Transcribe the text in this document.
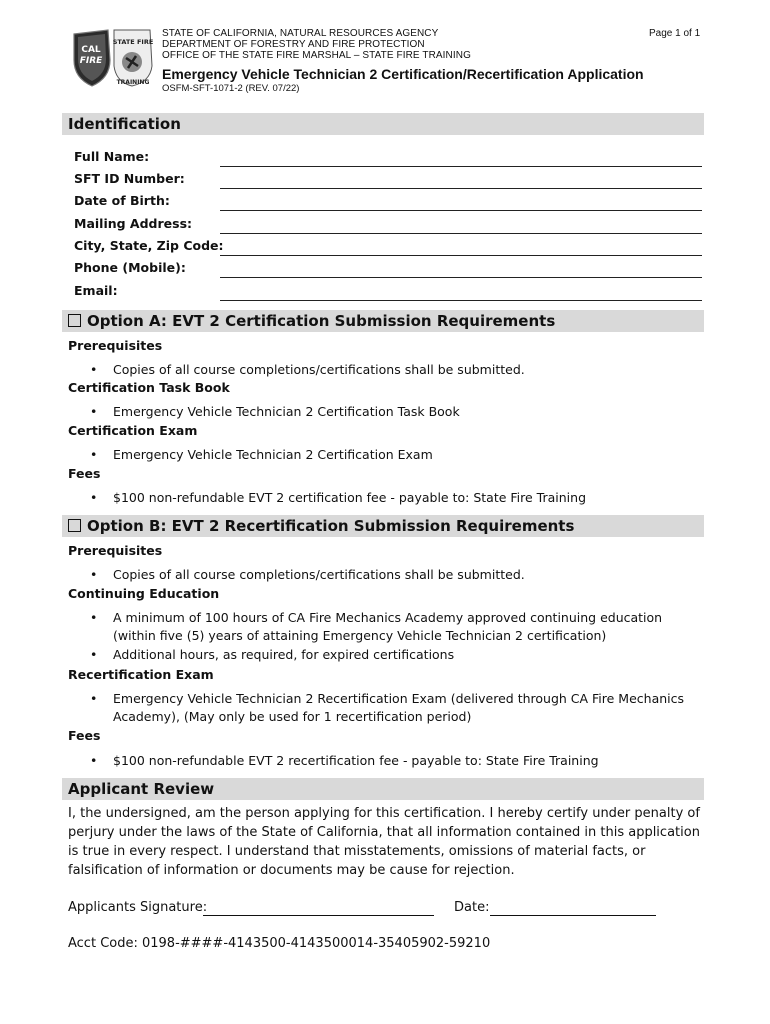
CAL
FIRE
STATE FIRE
TRAINING
STATE OF CALIFORNIA, NATURAL RESOURCES AGENCY
DEPARTMENT OF FORESTRY AND FIRE PROTECTION
OFFICE OF THE STATE FIRE MARSHAL – STATE FIRE TRAINING
Emergency Vehicle Technician 2 Certification/Recertification Application
OSFM-SFT-1071-2 (REV. 07/22)
Page 1 of 1
Identification
Full Name:
SFT ID Number:
Date of Birth:
Mailing Address:
City, State, Zip Code:
Phone (Mobile):
Email:
Option A: EVT 2 Certification Submission Requirements
Prerequisites
• Copies of all course completions/certifications shall be submitted.
Certification Task Book
• Emergency Vehicle Technician 2 Certification Task Book
Certification Exam
• Emergency Vehicle Technician 2 Certification Exam
Fees
• $100 non-refundable EVT 2 certification fee - payable to: State Fire Training
Option B: EVT 2 Recertification Submission Requirements
Prerequisites
• Copies of all course completions/certifications shall be submitted.
Continuing Education
• A minimum of 100 hours of CA Fire Mechanics Academy approved continuing education (within five (5) years of attaining Emergency Vehicle Technician 2 certification)
• Additional hours, as required, for expired certifications
Recertification Exam
• Emergency Vehicle Technician 2 Recertification Exam (delivered through CA Fire Mechanics Academy), (May only be used for 1 recertification period)
Fees
• $100 non-refundable EVT 2 recertification fee - payable to: State Fire Training
Applicant Review
I, the undersigned, am the person applying for this certification. I hereby certify under penalty of perjury under the laws of the State of California, that all information contained in this application is true in every respect. I understand that misstatements, omissions of material facts, or falsification of information or documents may be cause for rejection.
Applicants Signature:	Date:
Acct Code: 0198-####-4143500-4143500014-35405902-59210
